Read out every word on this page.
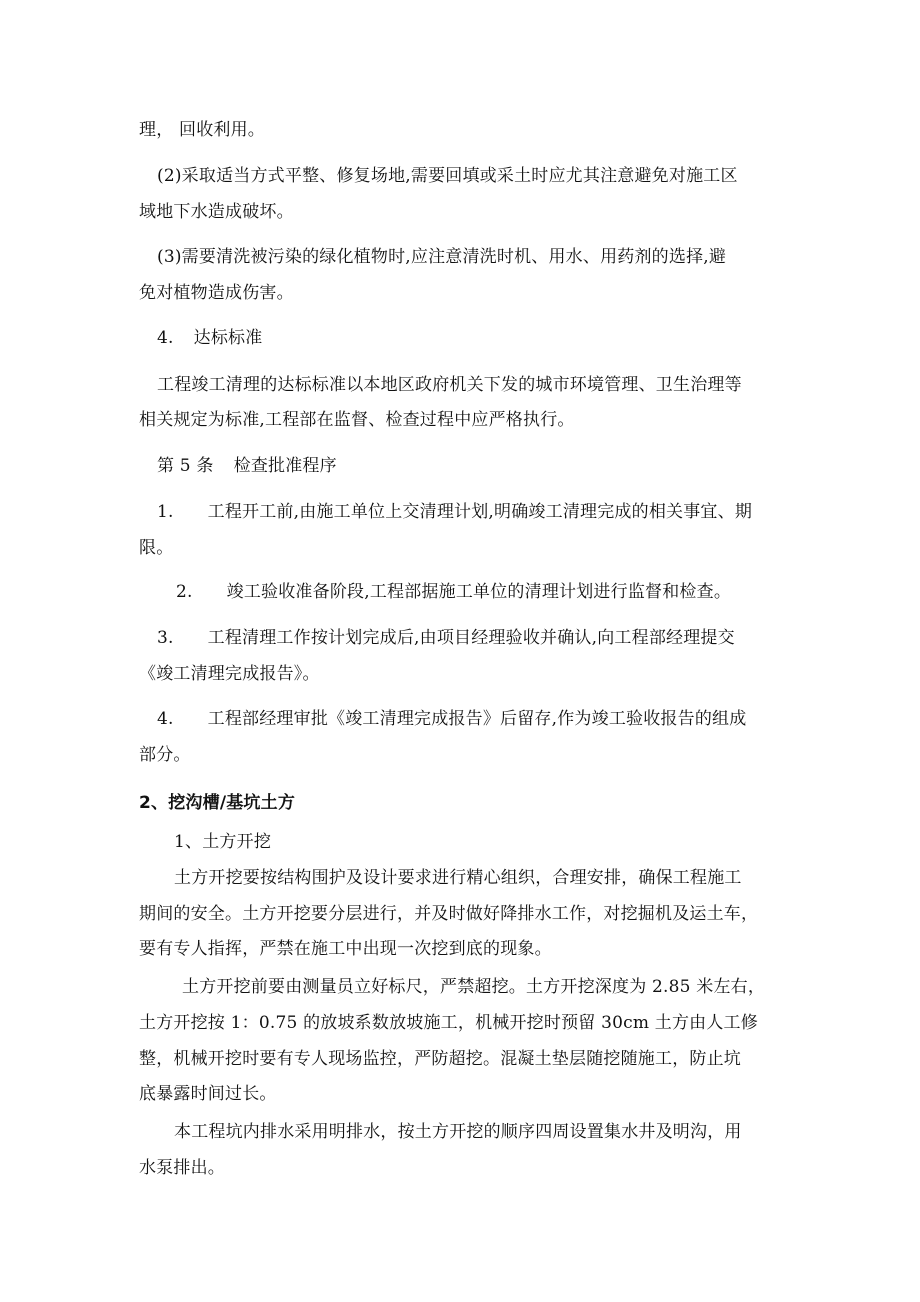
理， 回收利用。
(2)采取适当方式平整、修复场地,需要回填或采土时应尤其注意避免对施工区
域地下水造成破坏。
(3)需要清洗被污染的绿化植物时,应注意清洗时机、用水、用药剂的选择,避
免对植物造成伤害。
4. 达标标准
工程竣工清理的达标标准以本地区政府机关下发的城市环境管理、卫生治理等
相关规定为标准,工程部在监督、检查过程中应严格执行。
第 5 条 检查批准程序
1. 工程开工前,由施工单位上交清理计划,明确竣工清理完成的相关事宜、期
限。
2. 竣工验收准备阶段,工程部据施工单位的清理计划进行监督和检查。
3. 工程清理工作按计划完成后,由项目经理验收并确认,向工程部经理提交
《竣工清理完成报告》。
4. 工程部经理审批《竣工清理完成报告》后留存,作为竣工验收报告的组成
部分。
2、挖沟槽/基坑土方
1、土方开挖
土方开挖要按结构围护及设计要求进行精心组织，合理安排，确保工程施工
期间的安全。土方开挖要分层进行，并及时做好降排水工作，对挖掘机及运土车，
要有专人指挥，严禁在施工中出现一次挖到底的现象。
土方开挖前要由测量员立好标尺，严禁超挖。土方开挖深度为 2.85 米左右，
土方开挖按 1：0.75 的放坡系数放坡施工，机械开挖时预留 30cm 土方由人工修
整，机械开挖时要有专人现场监控，严防超挖。混凝土垫层随挖随施工，防止坑
底暴露时间过长。
本工程坑内排水采用明排水，按土方开挖的顺序四周设置集水井及明沟，用
水泵排出。
